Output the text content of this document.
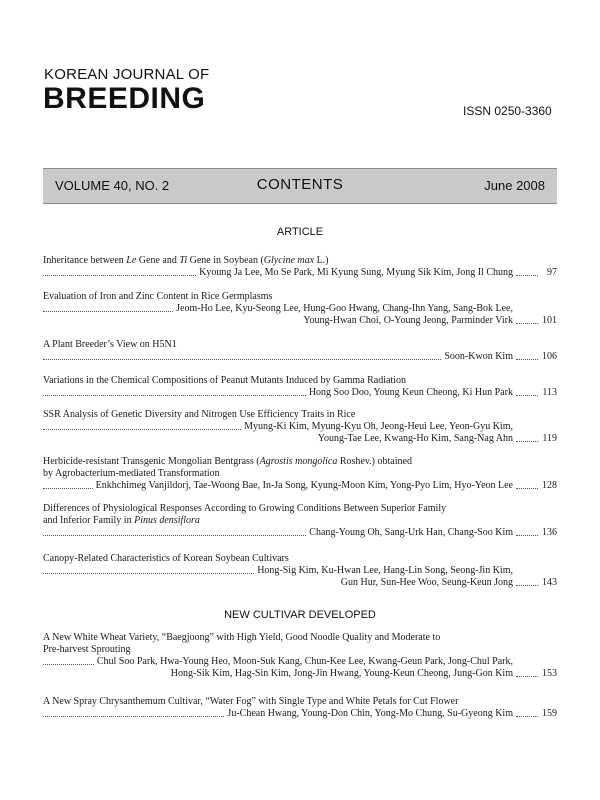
KOREAN JOURNAL OF
BREEDING	ISSN 0250-3360
VOLUME 40, NO. 2	CONTENTS	June 2008
ARTICLE
NEW CULTIVAR DEVELOPED
Inheritance between Le Gene and Ti Gene in Soybean (Glycine max L.)
Kyoung Ja Lee, Mo Se Park, Mi Kyung Sung, Myung Sik Kim, Jong Il Chung	97
Evaluation of Iron and Zinc Content in Rice Germplasms
Jeom-Ho Lee, Kyu-Seong Lee, Hung-Goo Hwang, Chang-Ihn Yang, Sang-Bok Lee,
Young-Hwan Choi, O-Young Jeong, Parminder Virk	101
A Plant Breeder’s View on H5N1
Soon-Kwon Kim	106
Variations in the Chemical Compositions of Peanut Mutants Induced by Gamma Radiation
Hong Soo Doo, Young Keun Cheong, Ki Hun Park	113
SSR Analysis of Genetic Diversity and Nitrogen Use Efficiency Traits in Rice
Myung-Ki Kim, Myung-Kyu Oh, Jeong-Heui Lee, Yeon-Gyu Kim,
Young-Tae Lee, Kwang-Ho Kim, Sang-Nag Ahn	119
Herbicide-resistant Transgenic Mongolian Bentgrass (Agrostis mongolica Roshev.) obtained
by Agrobacterium-mediated Transformation
Enkhchimeg Vanjildorj, Tae-Woong Bae, In-Ja Song, Kyung-Moon Kim, Yong-Pyo Lim, Hyo-Yeon Lee	128
Differences of Physiological Responses According to Growing Conditions Between Superior Family
and Inferior Family in Pinus densiflora
Chang-Young Oh, Sang-Urk Han, Chang-Soo Kim	136
Canopy-Related Characteristics of Korean Soybean Cultivars
Hong-Sig Kim, Ku-Hwan Lee, Hang-Lin Song, Seong-Jin Kim,
Gun Hur, Sun-Hee Woo, Seung-Keun Jong	143
A New White Wheat Variety, “Baegjoong” with High Yield, Good Noodle Quality and Moderate to
Pre-harvest Sprouting
Chul Soo Park, Hwa-Young Heo, Moon-Suk Kang, Chun-Kee Lee, Kwang-Geun Park, Jong-Chul Park,
Hong-Sik Kim, Hag-Sin Kim, Jong-Jin Hwang, Young-Keun Cheong, Jung-Gon Kim	153
A New Spray Chrysanthemum Cultivar, “Water Fog” with Single Type and White Petals for Cut Flower
Ju-Chean Hwang, Young-Don Chin, Yong-Mo Chung, Su-Gyeong Kim	159
